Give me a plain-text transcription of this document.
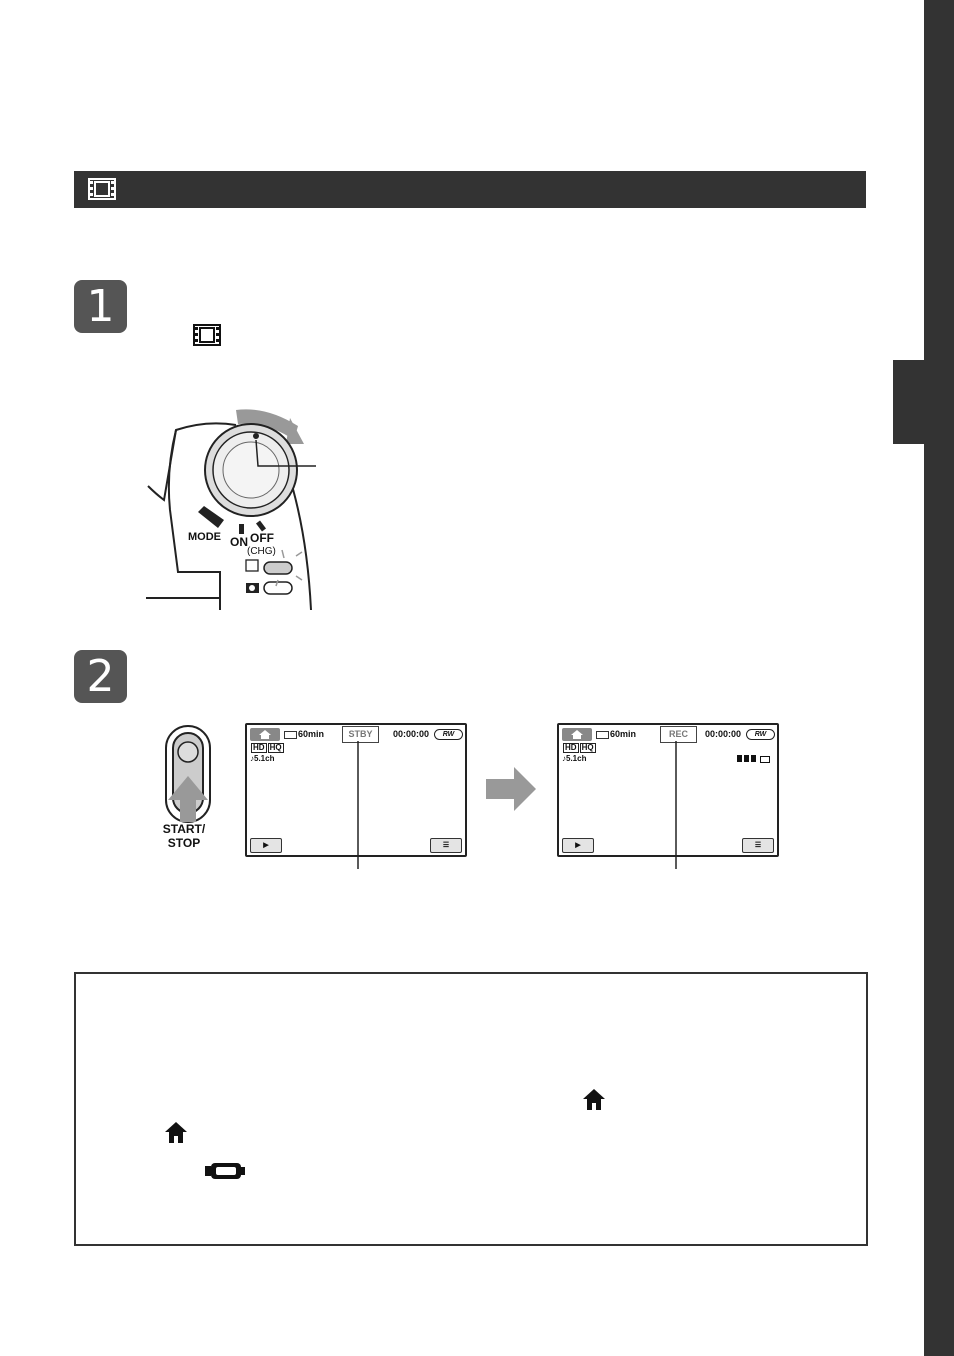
1
MODE ON OFF
(CHG)
2
START/
STOP
60min	STBY	00:00:00	RW
HD HQ
♪5.1ch
▶	☰
60min	REC	00:00:00	RW
HD HQ
♪5.1ch
▶	☰
